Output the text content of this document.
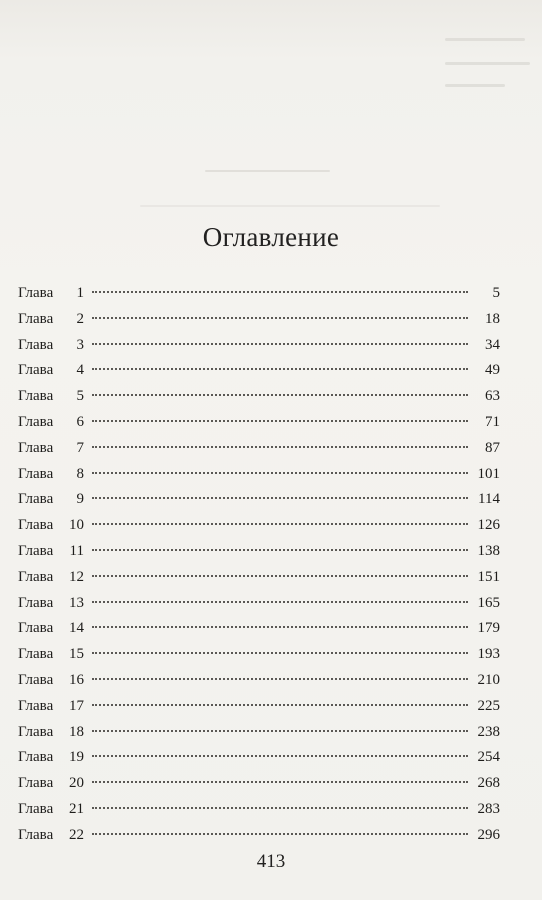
Оглавление
Глава	1	5
Глава	2	18
Глава	3	34
Глава	4	49
Глава	5	63
Глава	6	71
Глава	7	87
Глава	8	101
Глава	9	114
Глава	10	126
Глава	11	138
Глава	12	151
Глава	13	165
Глава	14	179
Глава	15	193
Глава	16	210
Глава	17	225
Глава	18	238
Глава	19	254
Глава	20	268
Глава	21	283
Глава	22	296
413
